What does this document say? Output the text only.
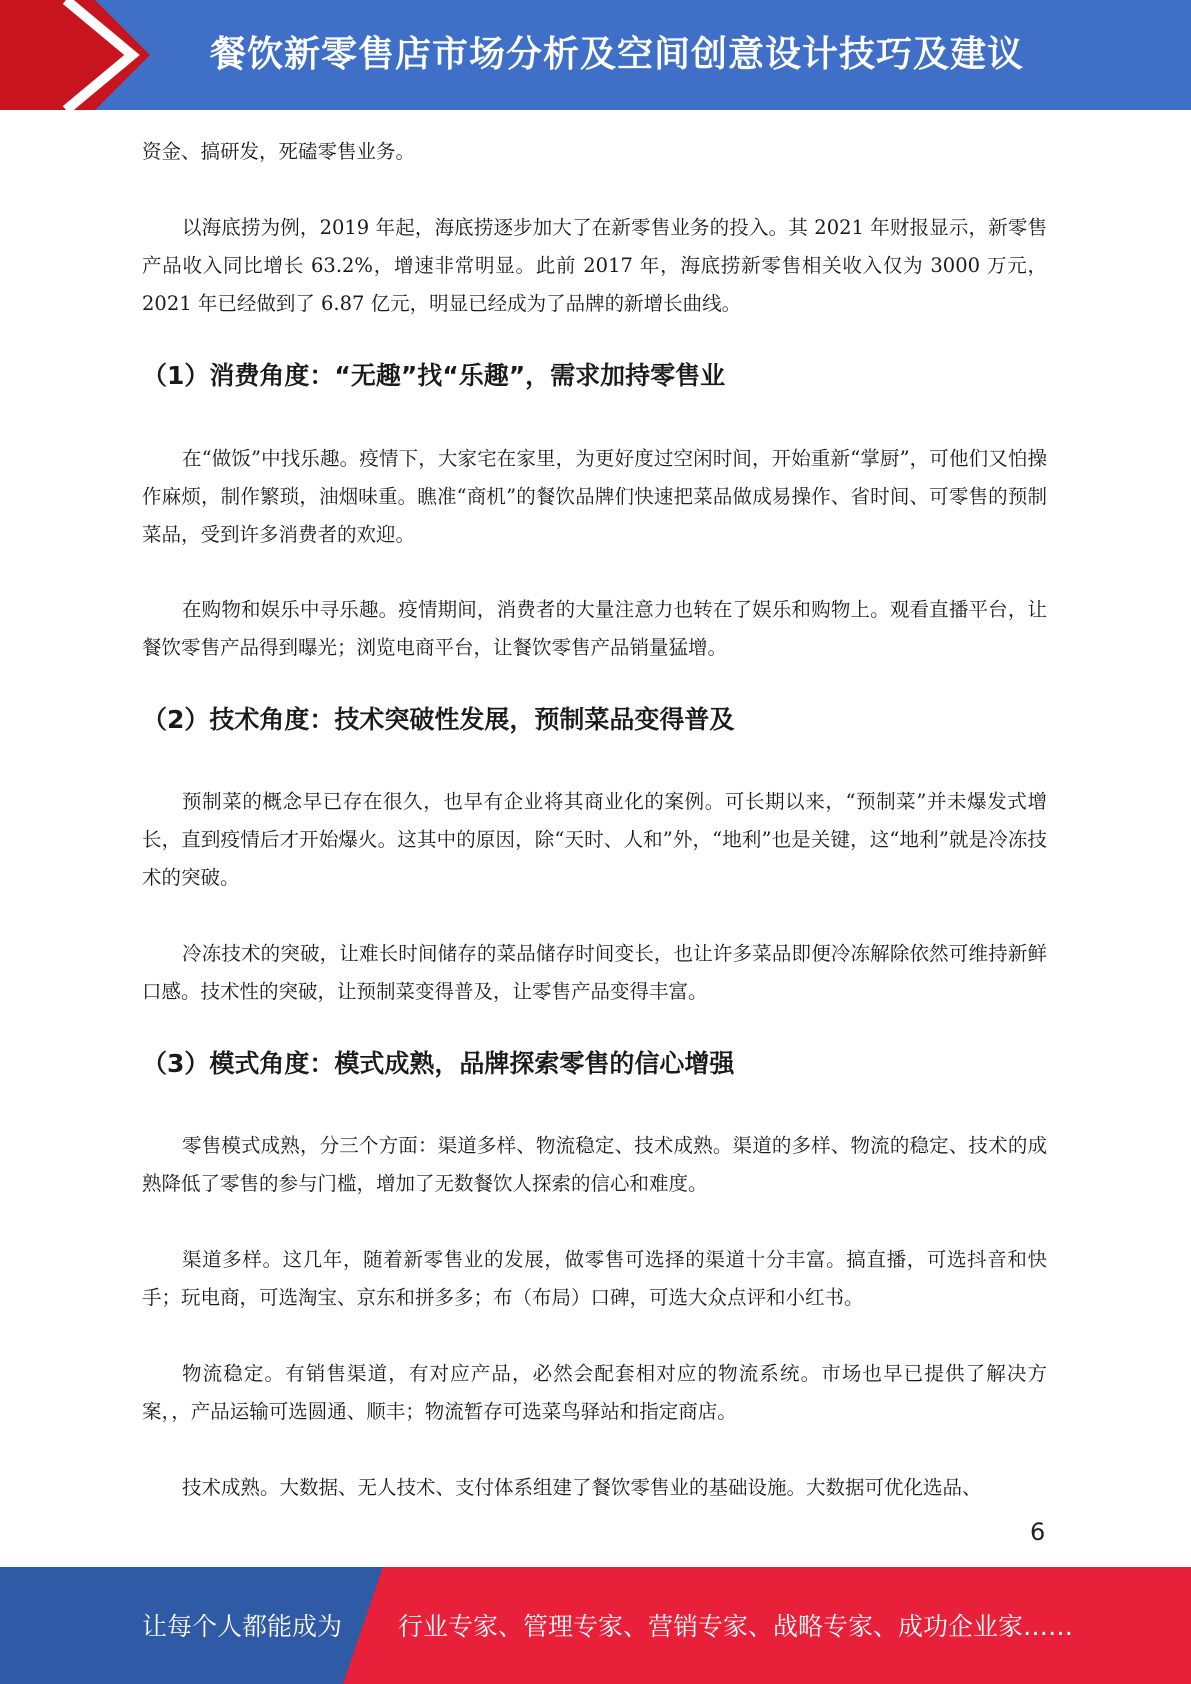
餐饮新零售店市场分析及空间创意设计技巧及建议

资金、搞研发，死磕零售业务。

以海底捞为例，2019 年起，海底捞逐步加大了在新零售业务的投入。其 2021 年财报显示，新零售产品收入同比增长 63.2%，增速非常明显。此前 2017 年，海底捞新零售相关收入仅为 3000 万元，2021 年已经做到了 6.87 亿元，明显已经成为了品牌的新增长曲线。

（1）消费角度：“无趣”找“乐趣”，需求加持零售业

在“做饭”中找乐趣。疫情下，大家宅在家里，为更好度过空闲时间，开始重新“掌厨”，可他们又怕操作麻烦，制作繁琐，油烟味重。瞧准“商机”的餐饮品牌们快速把菜品做成易操作、省时间、可零售的预制菜品，受到许多消费者的欢迎。

在购物和娱乐中寻乐趣。疫情期间，消费者的大量注意力也转在了娱乐和购物上。观看直播平台，让餐饮零售产品得到曝光；浏览电商平台，让餐饮零售产品销量猛增。

（2）技术角度：技术突破性发展，预制菜品变得普及

预制菜的概念早已存在很久，也早有企业将其商业化的案例。可长期以来，“预制菜”并未爆发式增长，直到疫情后才开始爆火。这其中的原因，除“天时、人和”外，“地利”也是关键，这“地利”就是冷冻技术的突破。

冷冻技术的突破，让难长时间储存的菜品储存时间变长，也让许多菜品即便冷冻解除依然可维持新鲜口感。技术性的突破，让预制菜变得普及，让零售产品变得丰富。

（3）模式角度：模式成熟，品牌探索零售的信心增强

零售模式成熟，分三个方面：渠道多样、物流稳定、技术成熟。渠道的多样、物流的稳定、技术的成熟降低了零售的参与门槛，增加了无数餐饮人探索的信心和难度。

渠道多样。这几年，随着新零售业的发展，做零售可选择的渠道十分丰富。搞直播，可选抖音和快手；玩电商，可选淘宝、京东和拼多多；布（布局）口碑，可选大众点评和小红书。

物流稳定。有销售渠道，有对应产品，必然会配套相对应的物流系统。市场也早已提供了解决方案，，产品运输可选圆通、顺丰；物流暂存可选菜鸟驿站和指定商店。

技术成熟。大数据、无人技术、支付体系组建了餐饮零售业的基础设施。大数据可优化选品、

6
让每个人都能成为 行业专家、管理专家、营销专家、战略专家、成功企业家……
